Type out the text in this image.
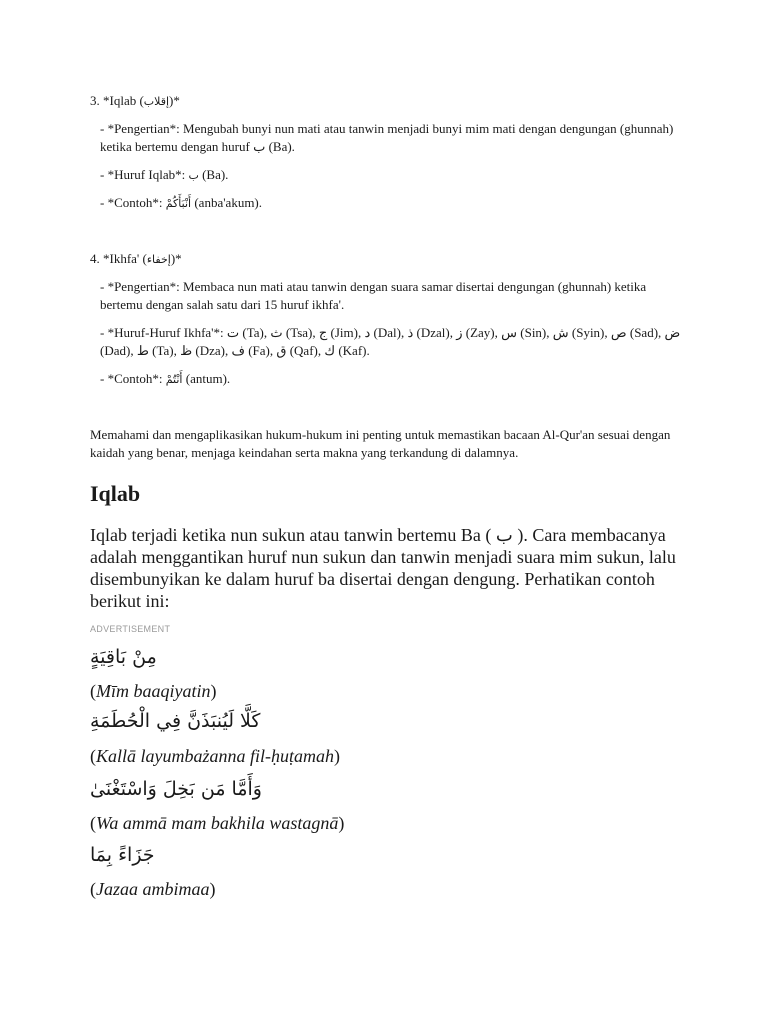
3. *Iqlab (إقلاب)*
- *Pengertian*: Mengubah bunyi nun mati atau tanwin menjadi bunyi mim mati dengan dengungan (ghunnah) ketika bertemu dengan huruf ب (Ba).
- *Huruf Iqlab*: ب (Ba).
- *Contoh*: أَنْبَأَكُمْ (anba'akum).
4. *Ikhfa' (إخفاء)*
- *Pengertian*: Membaca nun mati atau tanwin dengan suara samar disertai dengungan (ghunnah) ketika bertemu dengan salah satu dari 15 huruf ikhfa'.
- *Huruf-Huruf Ikhfa'*: ت (Ta), ث (Tsa), ج (Jim), د (Dal), ذ (Dzal), ز (Zay), س (Sin), ش (Syin), ص (Sad), ض (Dad), ط (Ta), ظ (Dza), ف (Fa), ق (Qaf), ك (Kaf).
- *Contoh*: أَنْتُمْ (antum).
Memahami dan mengaplikasikan hukum-hukum ini penting untuk memastikan bacaan Al-Qur'an sesuai dengan kaidah yang benar, menjaga keindahan serta makna yang terkandung di dalamnya.
Iqlab
Iqlab terjadi ketika nun sukun atau tanwin bertemu Ba ( ب ). Cara membacanya adalah menggantikan huruf nun sukun dan tanwin menjadi suara mim sukun, lalu disembunyikan ke dalam huruf ba disertai dengan dengung. Perhatikan contoh berikut ini:
ADVERTISEMENT
مِنْ بَاقِيَةٍ
(Mīm baaqiyatin)
كَلَّا لَيُنبَذَنَّ فِي الْحُطَمَةِ
(Kallā layumbażanna fil-ḥuṭamah)
وَأَمَّا مَن بَخِلَ وَاسْتَغْنَىٰ
(Wa ammā mam bakhila wastagnā)
جَزَاءً بِمَا
(Jazaa ambimaa)
